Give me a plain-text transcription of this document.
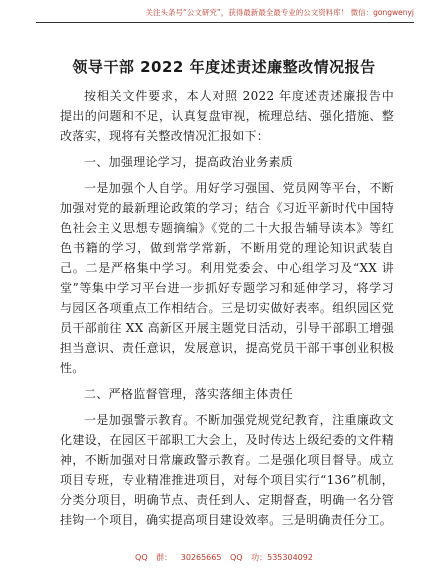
关注头条号“公文研究”，获得最新最全最专业的公文资料库！ 微信：gongwenyj
领导干部 2022 年度述责述廉整改情况报告

按相关文件要求，本人对照 2022 年度述责述廉报告中提出的问题和不足，认真复盘审视，梳理总结、强化措施、整改落实，现将有关整改情况汇报如下：

一、加强理论学习，提高政治业务素质

一是加强个人自学。用好学习强国、党员网等平台，不断加强对党的最新理论政策的学习；结合《习近平新时代中国特色社会主义思想专题摘编》《党的二十大报告辅导读本》等红色书籍的学习，做到常学常新，不断用党的理论知识武装自己。二是严格集中学习。利用党委会、中心组学习及“XX 讲堂”等集中学习平台进一步抓好专题学习和延伸学习，将学习与园区各项重点工作相结合。三是切实做好表率。组织园区党员干部前往 XX 高新区开展主题党日活动，引导干部职工增强担当意识、责任意识，发展意识，提高党员干部干事创业积极性。

二、严格监督管理，落实落细主体责任

一是加强警示教育。不断加强党规党纪教育，注重廉政文化建设，在园区干部职工大会上，及时传达上级纪委的文件精神，不断加强对日常廉政警示教育。二是强化项目督导。成立项目专班，专业精准推进项目，对每个项目实行“136”机制，分类分项目，明确节点、责任到人、定期督查，明确一名分管挂钩一个项目，确实提高项目建设效率。三是明确责任分工。

QQ 群： 30265665 QQ 功：535304092
